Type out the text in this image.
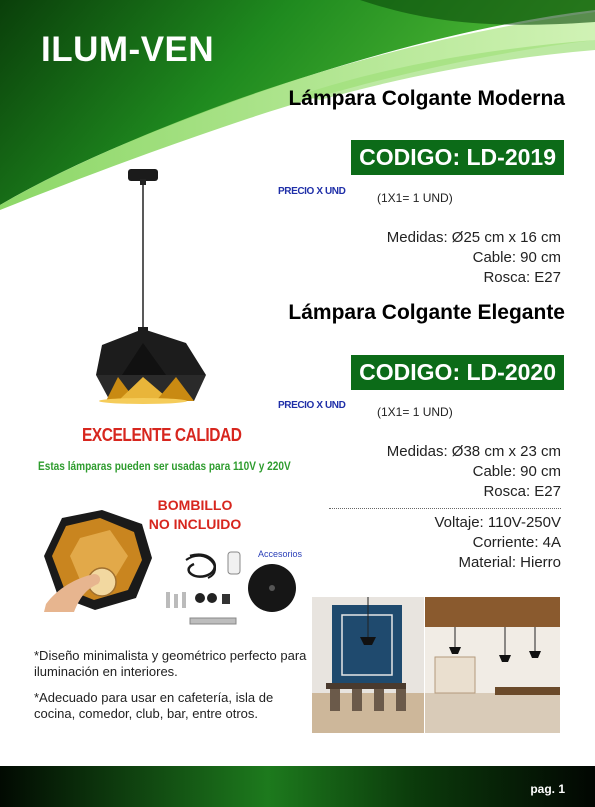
ILUM-VEN
Lámpara Colgante Moderna
CODIGO: LD-2019
PRECIO X UND	(1X1= 1 UND)
Medidas: Ø25 cm x 16 cm
Cable: 90 cm
Rosca: E27
Lámpara Colgante Elegante
CODIGO: LD-2020
PRECIO X UND	(1X1= 1 UND)
Medidas: Ø38 cm x 23 cm
Cable: 90 cm
Rosca: E27
Voltaje: 110V-250V
Corriente: 4A
Material: Hierro
EXCELENTE CALIDAD
Estas lámparas pueden ser usadas para 110V y 220V
BOMBILLO
NO INCLUIDO
Accesorios
*Diseño minimalista y geométrico perfecto para iluminación en interiores.
*Adecuado para usar en cafetería, isla de cocina, comedor, club, bar, entre otros.
pag. 1
